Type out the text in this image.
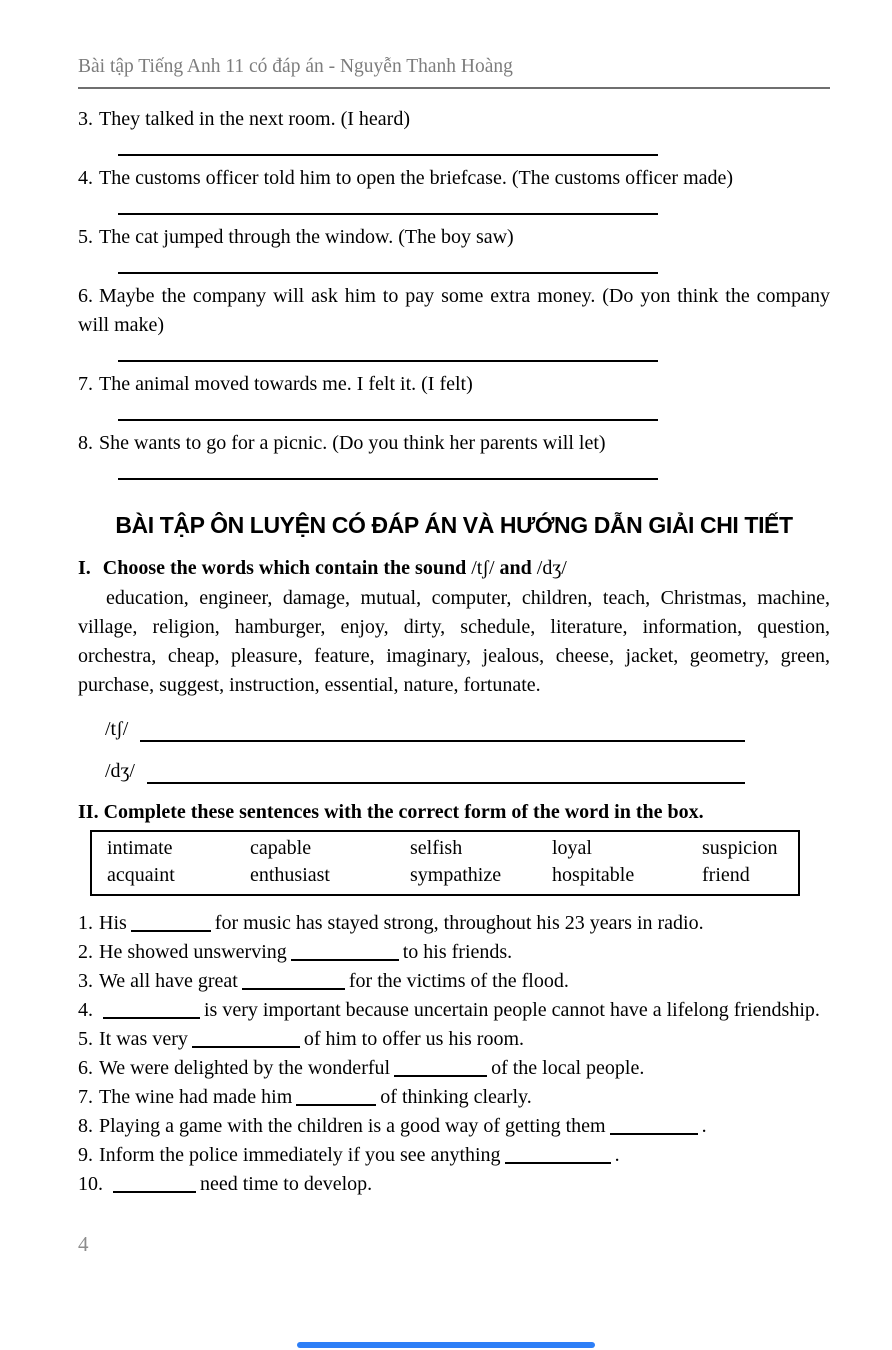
Bài tập Tiếng Anh 11 có đáp án - Nguyễn Thanh Hoàng
3. They talked in the next room. (I heard)
4. The customs officer told him to open the briefcase. (The customs officer made)
5. The cat jumped through the window. (The boy saw)
6. Maybe the company will ask him to pay some extra money. (Do yon think the company will make)
7. The animal moved towards me. I felt it. (I felt)
8. She wants to go for a picnic. (Do you think her parents will let)
BÀI TẬP ÔN LUYỆN CÓ ĐÁP ÁN VÀ HƯỚNG DẪN GIẢI CHI TIẾT
I. Choose the words which contain the sound /tʃ/ and /dʒ/

education, engineer, damage, mutual, computer, children, teach, Christmas, machine, village, religion, hamburger, enjoy, dirty, schedule, literature, information, question, orchestra, cheap, pleasure, feature, imaginary, jealous, cheese, jacket, geometry, green, purchase, suggest, instruction, essential, nature, fortunate.

/tʃ/
/dʒ/
II. Complete these sentences with the correct form of the word in the box.
intimate	capable	selfish	loyal	suspicion
acquaint	enthusiast	sympathize	hospitable	friend
1. His	for music has stayed strong, throughout his 23 years in radio.
2. He showed unswerving	to his friends.
3. We all have great	for the victims of the flood.
4.	is very important because uncertain people cannot have a lifelong friendship.
5. It was very	of him to offer us his room.
6. We were delighted by the wonderful	of the local people.
7. The wine had made him	of thinking clearly.
8. Playing a game with the children is a good way of getting them	.
9. Inform the police immediately if you see anything	.
10.	need time to develop.
4
